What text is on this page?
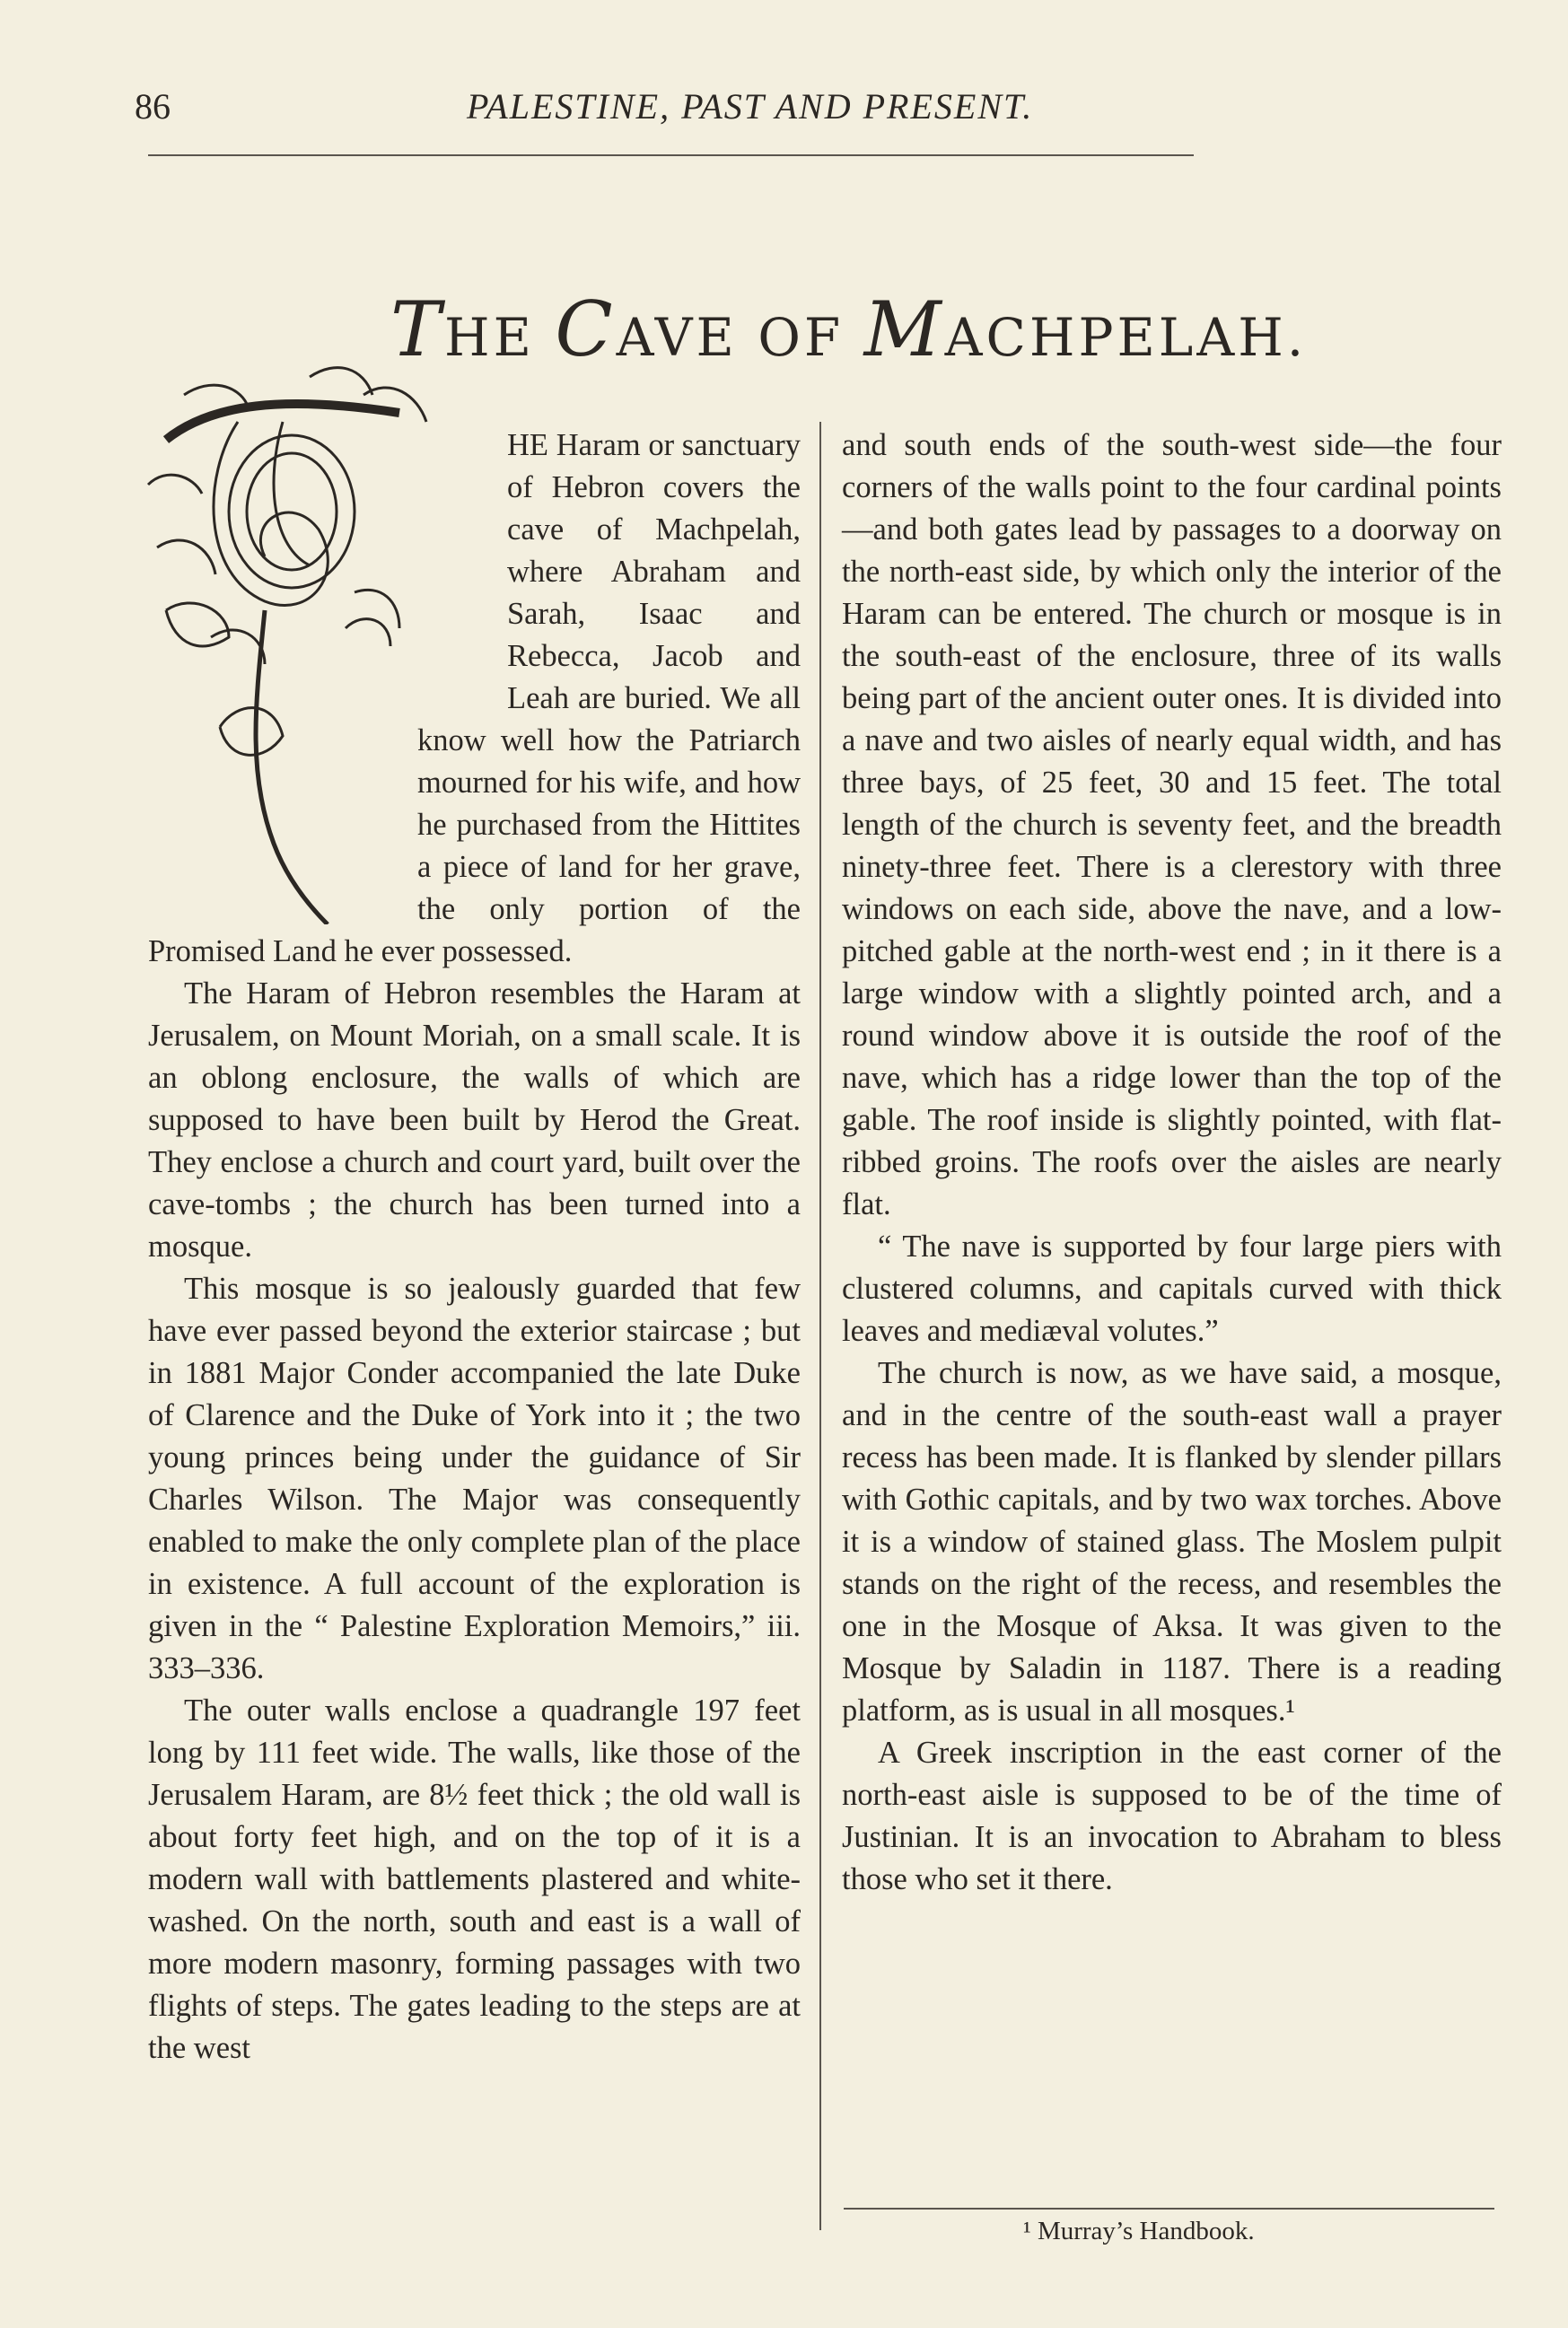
86	PALESTINE, PAST AND PRESENT.
THE CAVE OF MACHPELAH.

HE Haram or sanctuary of Hebron covers the cave of Machpelah, where Abraham and Sarah, Isaac and Rebecca, Jacob and Leah are buried. We all know well how the Patriarch mourned for his wife, and how he purchased from the Hittites a piece of land for her grave, the only portion of the Promised Land he ever possessed.

The Haram of Hebron resembles the Haram at Jerusalem, on Mount Moriah, on a small scale. It is an oblong enclosure, the walls of which are supposed to have been built by Herod the Great. They enclose a church and court yard, built over the cave-tombs ; the church has been turned into a mosque.

This mosque is so jealously guarded that few have ever passed beyond the exterior staircase ; but in 1881 Major Conder accompanied the late Duke of Clarence and the Duke of York into it ; the two young princes being under the guidance of Sir Charles Wilson. The Major was consequently enabled to make the only complete plan of the place in existence. A full account of the exploration is given in the “ Palestine Exploration Memoirs,” iii. 333–336.

The outer walls enclose a quadrangle 197 feet long by 111 feet wide. The walls, like those of the Jerusalem Haram, are 8½ feet thick ; the old wall is about forty feet high, and on the top of it is a modern wall with battlements plastered and white-washed. On the north, south and east is a wall of more modern masonry, forming passages with two flights of steps. The gates leading to the steps are at the west

and south ends of the south-west side—the four corners of the walls point to the four cardinal points—and both gates lead by passages to a doorway on the north-east side, by which only the interior of the Haram can be entered. The church or mosque is in the south-east of the enclosure, three of its walls being part of the ancient outer ones. It is divided into a nave and two aisles of nearly equal width, and has three bays, of 25 feet, 30 and 15 feet. The total length of the church is seventy feet, and the breadth ninety-three feet. There is a clerestory with three windows on each side, above the nave, and a low-pitched gable at the north-west end ; in it there is a large window with a slightly pointed arch, and a round window above it is outside the roof of the nave, which has a ridge lower than the top of the gable. The roof inside is slightly pointed, with flat-ribbed groins. The roofs over the aisles are nearly flat.

“ The nave is supported by four large piers with clustered columns, and capitals curved with thick leaves and mediæval volutes.”

The church is now, as we have said, a mosque, and in the centre of the south-east wall a prayer recess has been made. It is flanked by slender pillars with Gothic capitals, and by two wax torches. Above it is a window of stained glass. The Moslem pulpit stands on the right of the recess, and resembles the one in the Mosque of Aksa. It was given to the Mosque by Saladin in 1187. There is a reading platform, as is usual in all mosques.¹

A Greek inscription in the east corner of the north-east aisle is supposed to be of the time of Justinian. It is an invocation to Abraham to bless those who set it there.

¹ Murray’s Handbook.
